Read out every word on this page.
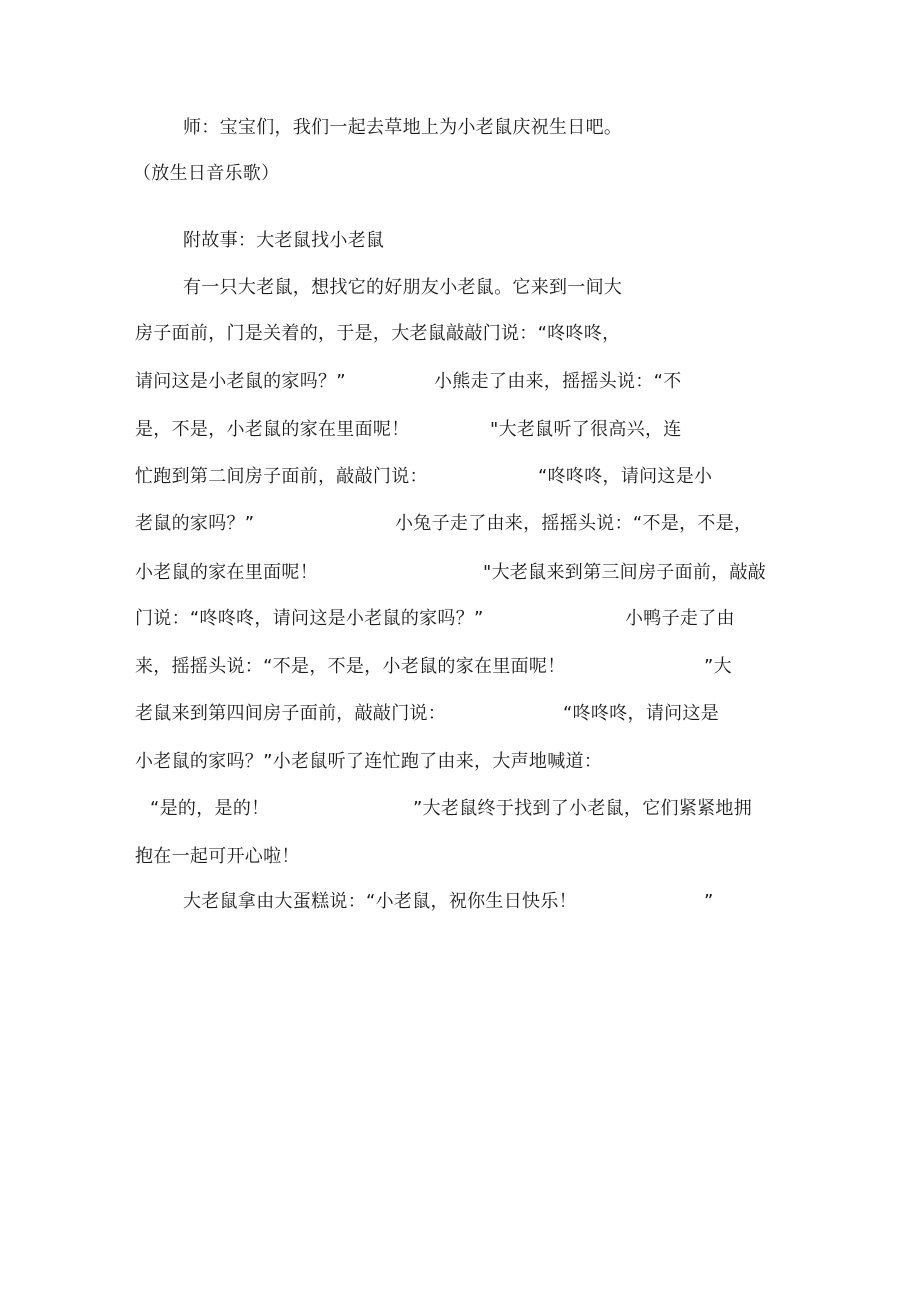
师：宝宝们，我们一起去草地上为小老鼠庆祝生日吧。
（放生日音乐歌）
附故事：大老鼠找小老鼠
有一只大老鼠，想找它的好朋友小老鼠。它来到一间大
房子面前，门是关着的，于是，大老鼠敲敲门说：“咚咚咚，
请问这是小老鼠的家吗？”	小熊走了由来，摇摇头说：“不
是，不是，小老鼠的家在里面呢！	"大老鼠听了很高兴，连
忙跑到第二间房子面前，敲敲门说：	“咚咚咚，请问这是小
老鼠的家吗？”	小兔子走了由来，摇摇头说：“不是，不是，
小老鼠的家在里面呢！	"大老鼠来到第三间房子面前，敲敲
门说：“咚咚咚，请问这是小老鼠的家吗？”	小鸭子走了由
来，摇摇头说：“不是，不是，小老鼠的家在里面呢！	”大
老鼠来到第四间房子面前，敲敲门说：	“咚咚咚，请问这是
小老鼠的家吗？”小老鼠听了连忙跑了由来，大声地喊道：
“是的，是的！	”大老鼠终于找到了小老鼠，它们紧紧地拥
抱在一起可开心啦！
大老鼠拿由大蛋糕说：“小老鼠，祝你生日快乐！	”
